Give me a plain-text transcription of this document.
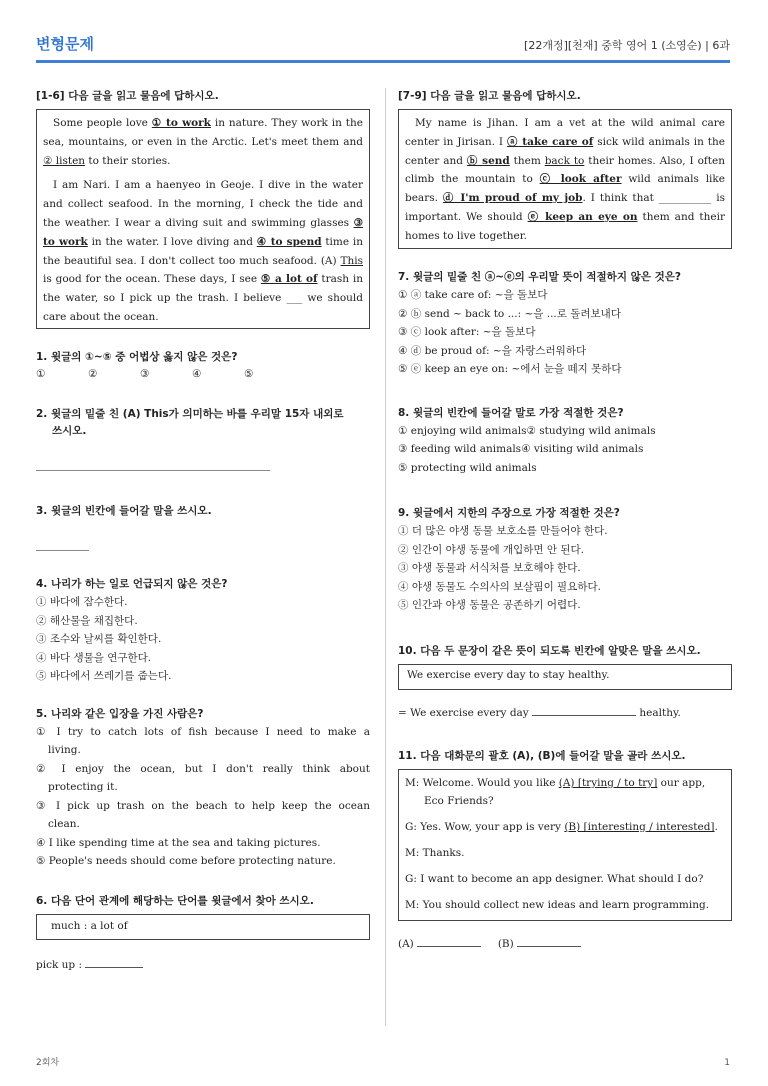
변형문제	[22개정][천재] 중학 영어 1 (소영순) | 6과
[1-6] 다음 글을 읽고 물음에 답하시오.

Some people love ① to work in nature. They work in the sea, mountains, or even in the Arctic. Let's meet them and ② listen to their stories.

I am Nari. I am a haenyeo in Geoje. I dive in the water and collect seafood. In the morning, I check the tide and the weather. I wear a diving suit and swimming glasses ③ to work in the water. I love diving and ④ to spend time in the beautiful sea. I don't collect too much seafood. (A) This is good for the ocean. These days, I see ⑤ a lot of trash in the water, so I pick up the trash. I believe ___ we should care about the ocean.

1. 윗글의 ①~⑤ 중 어법상 옳지 않은 것은?
①	②	③	④	⑤
2. 윗글의 밑줄 친 (A) This가 의미하는 바를 우리말 15자 내외로
쓰시오.
3. 윗글의 빈칸에 들어갈 말을 쓰시오.
4. 나리가 하는 일로 언급되지 않은 것은?

① 바다에 잠수한다.

② 해산물을 채집한다.

③ 조수와 날씨를 확인한다.

④ 바다 생물을 연구한다.

⑤ 바다에서 쓰레기를 줍는다.

5. 나리와 같은 입장을 가진 사람은?

① I try to catch lots of fish because I need to make a

living.

② I enjoy the ocean, but I don't really think about

protecting it.

③ I pick up trash on the beach to help keep the ocean

clean.

④ I like spending time at the sea and taking pictures.

⑤ People's needs should come before protecting nature.

6. 다음 단어 관계에 해당하는 단어를 윗글에서 찾아 쓰시오.
much : a lot of

pick up :

[7-9] 다음 글을 읽고 물음에 답하시오.

My name is Jihan. I am a vet at the wild animal care center in Jirisan. I ⓐ take care of sick wild animals in the center and ⓑ send them back to their homes. Also, I often climb the mountain to ⓒ look after wild animals like bears. ⓓ I'm proud of my job. I think that __________ is important. We should ⓔ keep an eye on them and their homes to live together.

7. 윗글의 밑줄 친 ⓐ~ⓔ의 우리말 뜻이 적절하지 않은 것은?

① ⓐ take care of: ~을 돌보다

② ⓑ send ~ back to ...: ~을 ...로 돌려보내다

③ ⓒ look after: ~을 돌보다

④ ⓓ be proud of: ~을 자랑스러워하다

⑤ ⓔ keep an eye on: ~에서 눈을 떼지 못하다

8. 윗글의 빈칸에 들어갈 말로 가장 적절한 것은?

① enjoying wild animals ② studying wild animals

③ feeding wild animals ④ visiting wild animals

⑤ protecting wild animals

9. 윗글에서 지한의 주장으로 가장 적절한 것은?

① 더 많은 야생 동물 보호소를 만들어야 한다.

② 인간이 야생 동물에 개입하면 안 된다.

③ 야생 동물과 서식처를 보호해야 한다.

④ 야생 동물도 수의사의 보살핌이 필요하다.

⑤ 인간과 야생 동물은 공존하기 어렵다.

10. 다음 두 문장이 같은 뜻이 되도록 빈칸에 알맞은 말을 쓰시오.
We exercise every day to stay healthy.

= We exercise every day	healthy.

11. 다음 대화문의 괄호 (A), (B)에 들어갈 말을 골라 쓰시오.

M: Welcome. Would you like (A) [trying / to try] our app,

Eco Friends?

G: Yes. Wow, your app is very (B) [interesting / interested].

M: Thanks.

G: I want to become an app designer. What should I do?

M: You should collect new ideas and learn programming.

(A)	(B)

2회차	1
